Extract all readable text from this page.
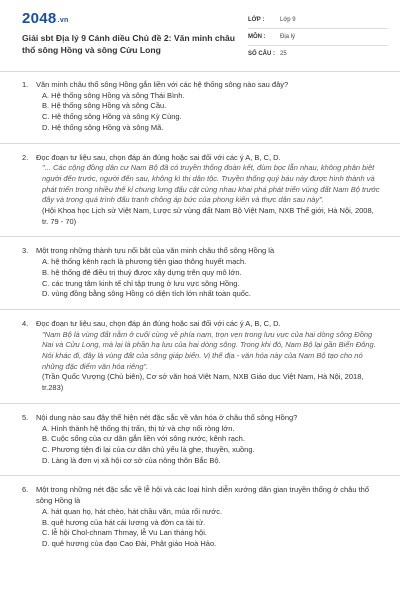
2048.vn
Giải sbt Địa lý 9 Cánh diều Chủ đề 2: Văn minh châu thổ sông Hồng và sông Cửu Long
LỚP :	Lớp 9
MÔN :	Địa lý
SỐ CÂU : 25
1. Văn minh châu thổ sông Hồng gắn liền với các hệ thống sông nào sau đây?
A. Hệ thống sông Hồng và sông Thái Bình.
B. Hệ thống sông Hồng và sông Cầu.
C. Hệ thống sông Hồng và sông Kỳ Cùng.
D. Hệ thống sông Hồng và sông Mã.
2. Đọc đoạn tư liệu sau, chọn đáp án đúng hoặc sai đối với các ý A, B, C, D.
"... Các cộng đồng dân cư Nam Bộ đã có truyền thống đoàn kết, đùm bọc lẫn nhau, không phân biệt người đến trước, người đến sau, không kì thị dân tộc. Truyền thống quý báu này được hình thành và phát triển trong nhiều thế kỉ chung lưng đấu cật cùng nhau khai phá phát triển vùng đất Nam Bộ trước đây và trong quá trình đấu tranh chống áp bức của phong kiến và thực dân sau này".
(Hội Khoa học Lịch sử Việt Nam, Lược sử vùng đất Nam Bộ Việt Nam, NXB Thế giới, Hà Nội, 2008, tr. 79 - 70)
3. Một trong những thành tựu nổi bật của văn minh châu thổ sông Hồng là
A. hệ thống kênh rạch là phương tiện giao thông huyết mạch.
B. hệ thống đê điều trị thuỷ được xây dựng trên quy mô lớn.
C. các trung tâm kinh tế chỉ tập trung ở lưu vực sông Hồng.
D. vùng đồng bằng sông Hồng có diện tích lớn nhất toàn quốc.
4. Đọc đoạn tư liệu sau, chọn đáp án đúng hoặc sai đối với các ý A, B, C, D.
"Nam Bộ là vùng đất nằm ở cuối cùng về phía nam, trọn vẹn trong lưu vực của hai dòng sông Đồng Nai và Cửu Long, mà lại là phần hạ lưu của hai dòng sông. Trong khi đó, Nam Bộ lại gần Biển Đông. Nói khác đi, đây là vùng đất của sông giáp biển. Vị thế địa - văn hóa này của Nam Bộ tạo cho nó những đặc điểm văn hóa riêng".
(Trần Quốc Vượng (Chủ biên), Cơ sở văn hoá Việt Nam, NXB Giáo dục Việt Nam, Hà Nội, 2018, tr.283)
5. Nội dung nào sau đây thể hiện nét đặc sắc về văn hóa ở châu thổ sông Hồng?
A. Hình thành hệ thống thị trấn, thị tứ và chợ nối ròng lớn.
B. Cuộc sống của cư dân gắn liền với sông nước, kênh rạch.
C. Phương tiện đi lại của cư dân chủ yếu là ghe, thuyền, xuồng.
D. Làng là đơn vị xã hội cơ sở của nông thôn Bắc Bộ.
6. Một trong những nét đặc sắc về lễ hội và các loại hình diễn xướng dân gian truyền thống ở châu thổ sông Hồng là
A. hát quan họ, hát chèo, hát chầu văn, múa rối nước.
B. quê hương của hát cải lương và đờn ca tài tử.
C. lễ hội Chol-chnam Thmay, lễ Vu Lan tháng hội.
D. quê hương của đạo Cao Đài, Phật giáo Hoà Hảo.
